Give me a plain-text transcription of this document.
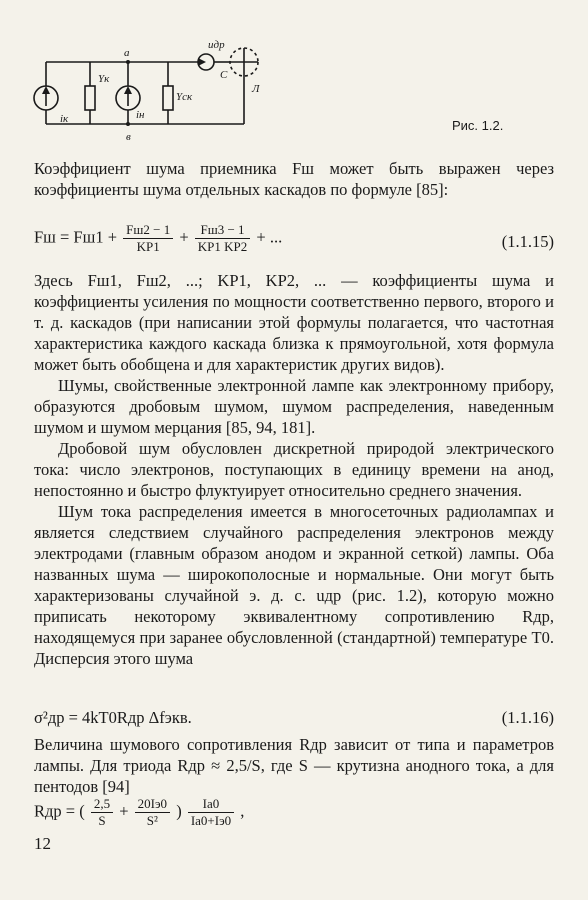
a
в
uдр
С
Л
Yк
Yск
iк	iн
Рис. 1.2.

Коэффициент шума приемника Fш может быть выражен через коэффициенты шума отдельных каскадов по формуле [85]:

Fш = $Fш1 + \frac{Fш2 - 1}{KP1} + \frac{Fш3 - 1}{KP1 KP2}$ + ...	(1.1.15)

Здесь Fш1, Fш2, ...; KP1, KP2, ... — коэффициенты шума и коэффициенты усиления по мощности соответственно первого, второго и т. д. каскадов (при написании этой формулы полагается, что частотная характеристика каждого каскада близка к прямоугольной, хотя формула может быть обобщена и для характеристик других видов).

Шумы, свойственные электронной лампе как электронному прибору, образуются дробовым шумом, шумом распределения, наведенным шумом и шумом мерцания [85, 94, 181].

Дробовой шум обусловлен дискретной природой электрического тока: число электронов, поступающих в единицу времени на анод, непостоянно и быстро флуктуирует относительно среднего значения.

Шум тока распределения имеется в многосеточных радиолампах и является следствием случайного распределения электронов между электродами (главным образом анодом и экранной сеткой) лампы. Оба названных шума — широкополосные и нормальные. Они могут быть характеризованы случайной э. д. с. uдр (рис. 1.2), которую можно приписать некоторому эквивалентному сопротивлению Rдр, находящемуся при заранее обусловленной (стандартной) температуре T0. Дисперсия этого шума

σ²др = 4kT0Rдр Δfэкв.	(1.1.16)

Величина шумового сопротивления Rдр зависит от типа и параметров лампы. Для триода Rдр ≈ 2,5/S, где S — крутизна анодного тока, а для пентодов [94]

Rдр = ( $\frac{2,5}{S} + \frac{20Iэ0}{\text{S²}}$ ) $\frac{Iа0}{Iа0+Iэ0}$ ,
12
